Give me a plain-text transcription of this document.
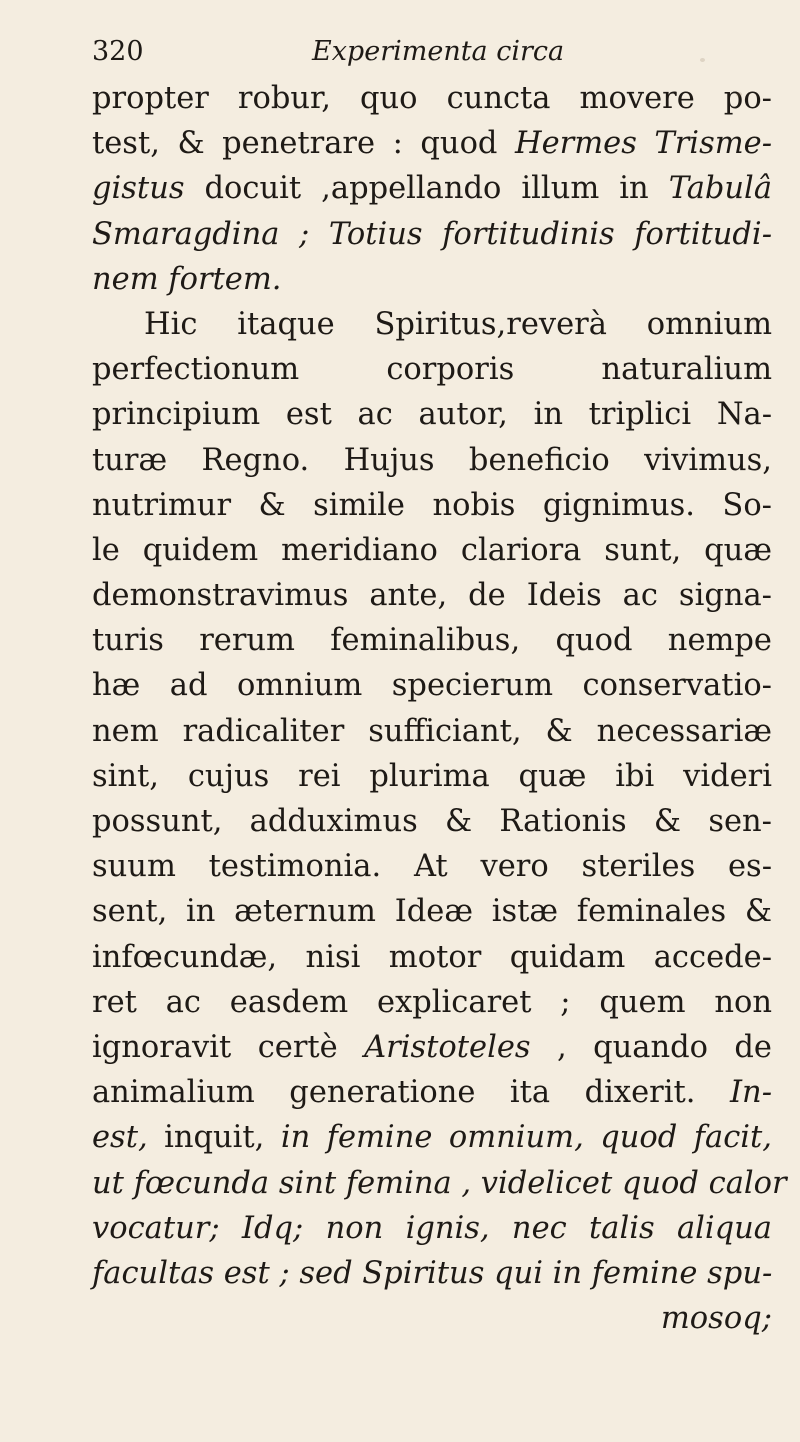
320	Experimenta circa
propter robur, quo cuncta movere po-
test, & penetrare : quod Hermes Trisme-
gistus docuit ,appellando illum in Tabulâ
Smaragdina ; Totius fortitudinis fortitudi-
nem fortem.
Hic itaque Spiritus,reverà omnium
perfectionum corporis naturalium
principium est ac autor, in triplici Na-
turæ Regno. Hujus beneficio vivimus,
nutrimur & simile nobis gignimus. So-
le quidem meridiano clariora sunt, quæ
demonstravimus ante, de Ideis ac signa-
turis rerum feminalibus, quod nempe
hæ ad omnium specierum conservatio-
nem radicaliter sufficiant, & necessariæ
sint, cujus rei plurima quæ ibi videri
possunt, adduximus & Rationis & sen-
suum testimonia. At vero steriles es-
sent, in æternum Ideæ istæ feminales &
infœcundæ, nisi motor quidam accede-
ret ac easdem explicaret ; quem non
ignoravit certè Aristoteles , quando de
animalium generatione ita dixerit. In-
est, inquit, in femine omnium, quod facit,
ut fœcunda sint femina , videlicet quod calor
vocatur; Idq; non ignis, nec talis aliqua
facultas est ; sed Spiritus qui in femine spu-
mosoq;
